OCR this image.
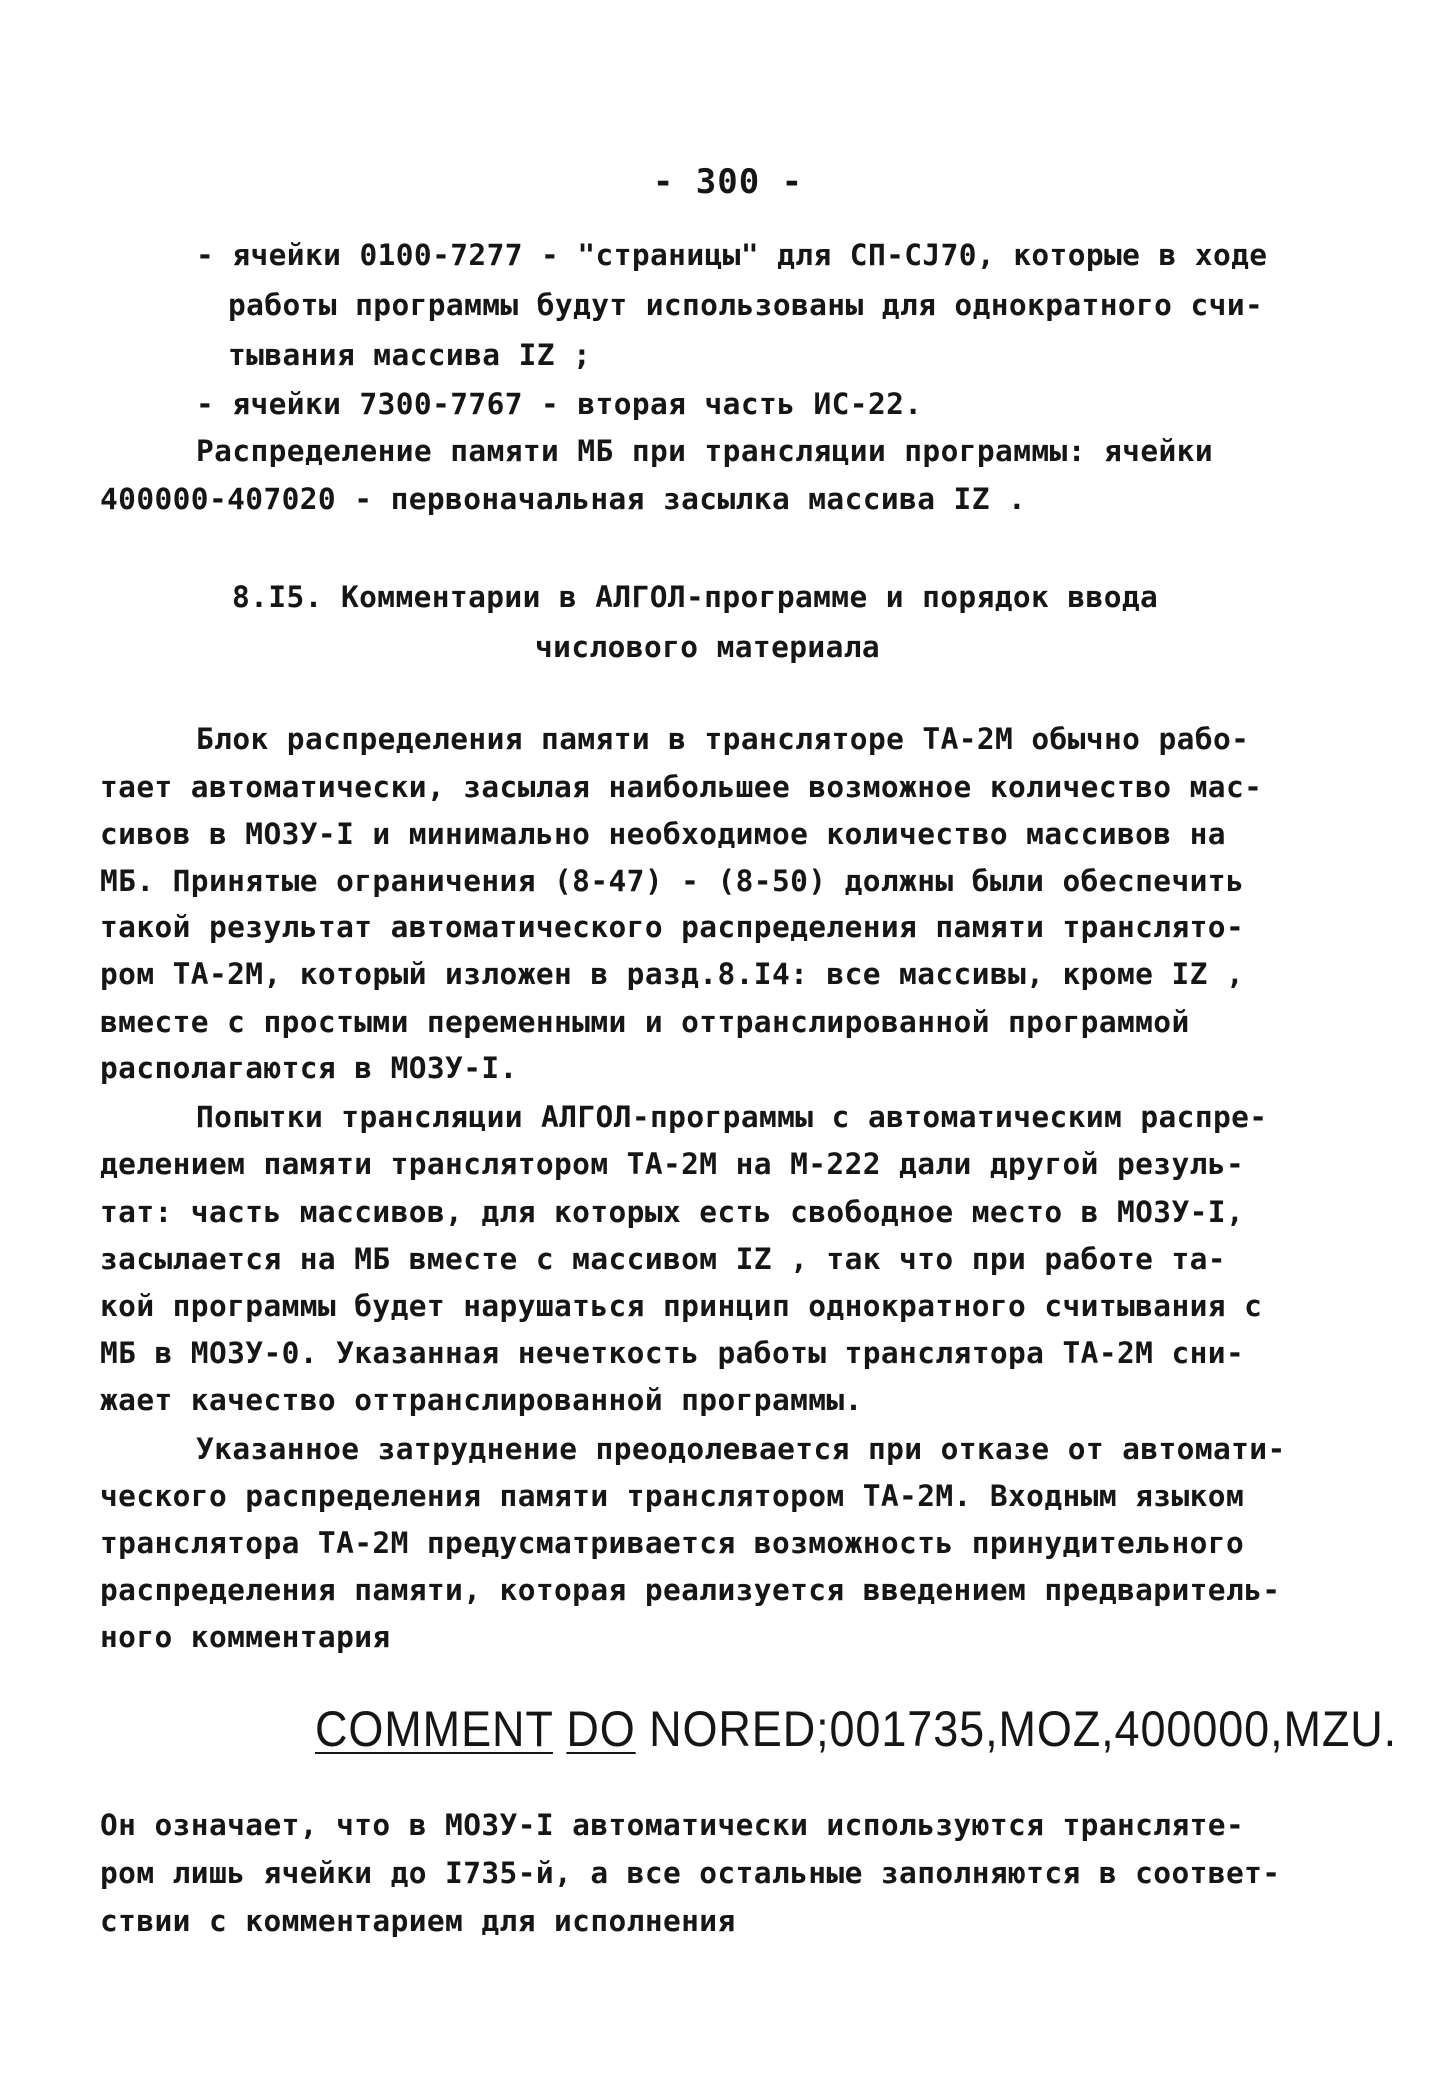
- 300 -
- ячейки 0100-7277 - "страницы" для СП-СJ70, которые в ходе
работы программы будут использованы для однократного счи-
тывания массива IZ ;
- ячейки 7300-7767 - вторая часть ИС-22.
Распределение памяти МБ при трансляции программы: ячейки
400000-407020 - первоначальная засылка массива IZ .
8.I5. Комментарии в АЛГОЛ-программе и порядок ввода
числового материала
Блок распределения памяти в трансляторе ТА-2М обычно рабо-
тает автоматически, засылая наибольшее возможное количество мас-
сивов в МОЗУ-I и минимально необходимое количество массивов на
МБ. Принятые ограничения (8-47) - (8-50) должны были обеспечить
такой результат автоматического распределения памяти транслято-
ром ТА-2М, который изложен в разд.8.I4: все массивы, кроме IZ ,
вместе с простыми переменными и оттранслированной программой
располагаются в МОЗУ-I.
Попытки трансляции АЛГОЛ-программы с автоматическим распре-
делением памяти транслятором ТА-2М на М-222 дали другой резуль-
тат: часть массивов, для которых есть свободное место в МОЗУ-I,
засылается на МБ вместе с массивом IZ , так что при работе та-
кой программы будет нарушаться принцип однократного считывания с
МБ в МОЗУ-0. Указанная нечеткость работы транслятора ТА-2М сни-
жает качество оттранслированной программы.
Указанное затруднение преодолевается при отказе от автомати-
ческого распределения памяти транслятором ТА-2М. Входным языком
транслятора ТА-2М предусматривается возможность принудительного
распределения памяти, которая реализуется введением предваритель-
ного комментария
COMMENT DO NORED;001735,MOZ,400000,MZU.
Он означает, что в МОЗУ-I автоматически используются трансляте-
ром лишь ячейки до I735-й, а все остальные заполняются в соответ-
ствии с комментарием для исполнения
